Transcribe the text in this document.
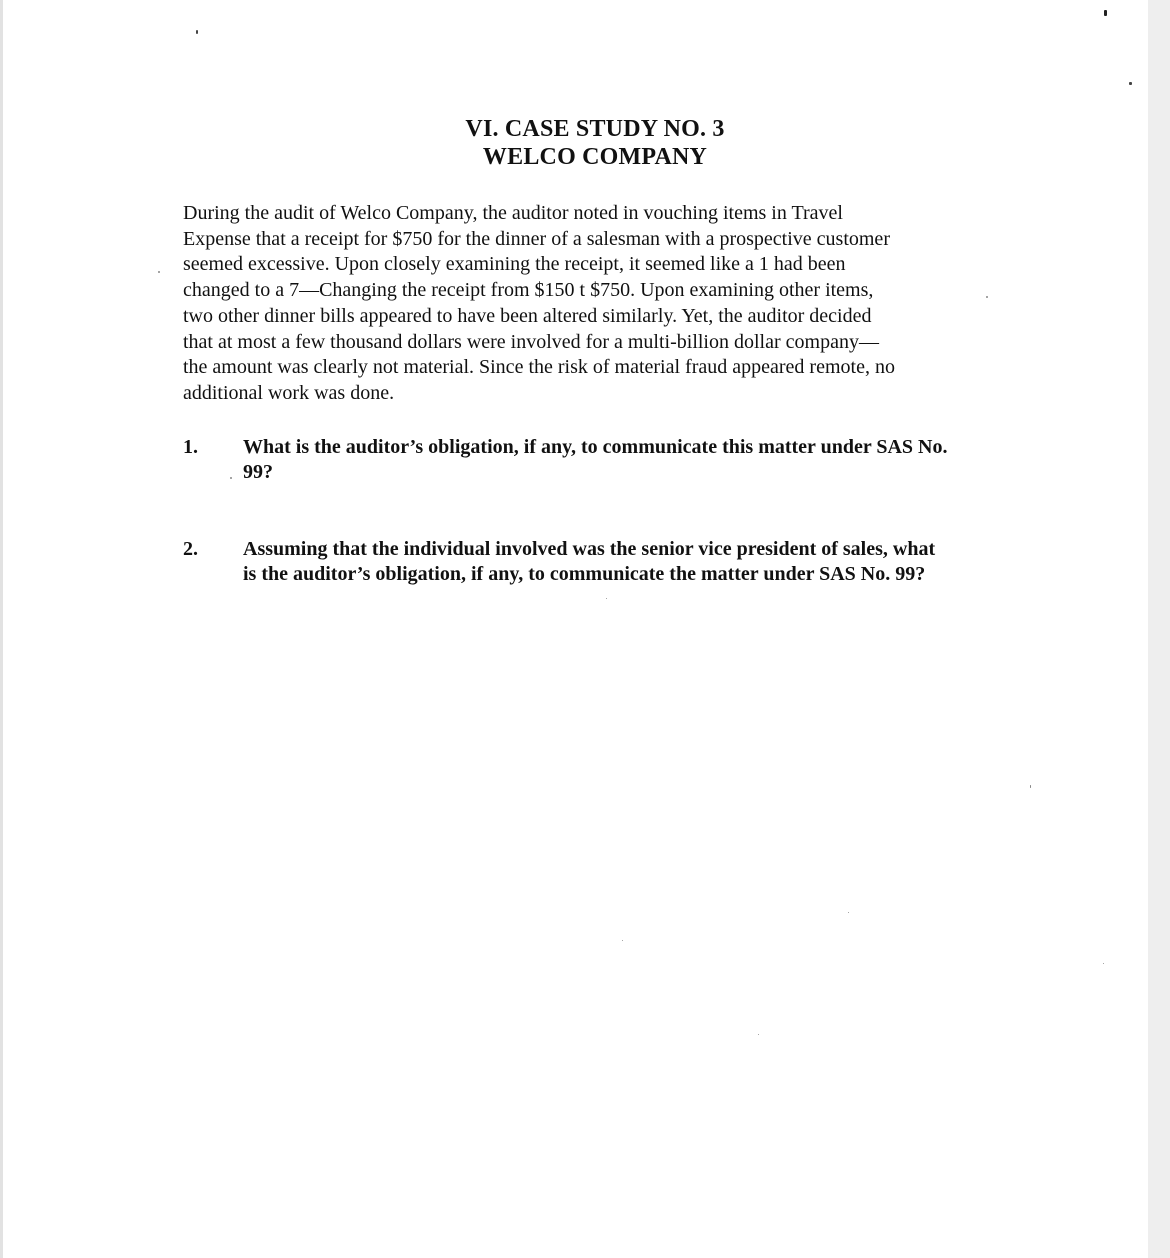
VI. CASE STUDY NO. 3
WELCO COMPANY
During the audit of Welco Company, the auditor noted in vouching items in Travel
Expense that a receipt for $750 for the dinner of a salesman with a prospective customer
seemed excessive. Upon closely examining the receipt, it seemed like a 1 had been
changed to a 7—Changing the receipt from $150 t $750. Upon examining other items,
two other dinner bills appeared to have been altered similarly. Yet, the auditor decided
that at most a few thousand dollars were involved for a multi-billion dollar company—
the amount was clearly not material. Since the risk of material fraud appeared remote, no
additional work was done.
1. What is the auditor’s obligation, if any, to communicate this matter under SAS No.
99?
2. Assuming that the individual involved was the senior vice president of sales, what
is the auditor’s obligation, if any, to communicate the matter under SAS No. 99?
